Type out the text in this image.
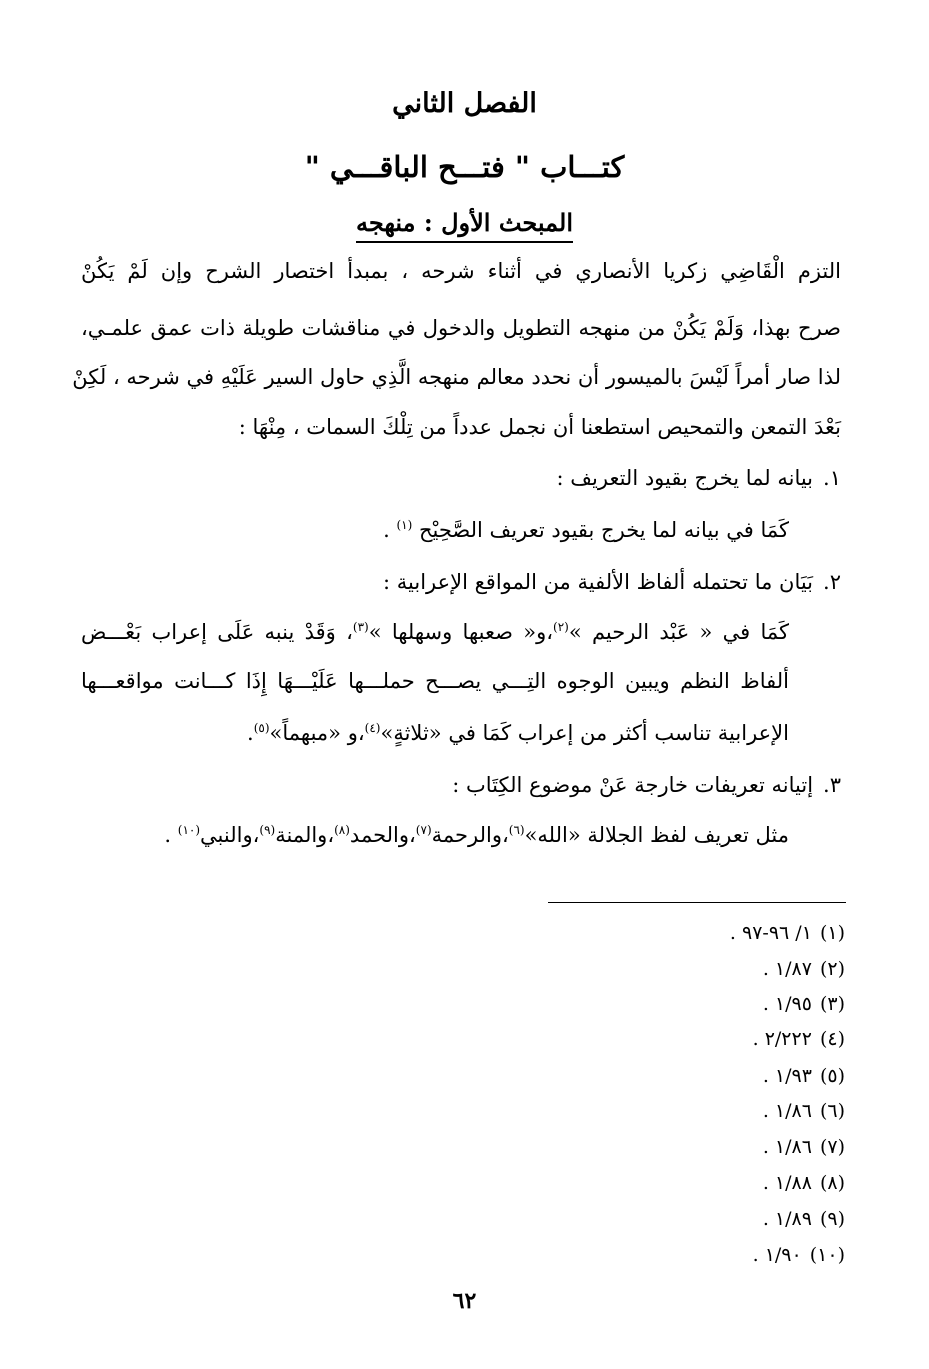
الفصل الثاني
كتـــاب " فتـــح الباقـــي "
المبحث الأول : منهجه
التزم الْقَاضِي زكريا الأنصاري في أثناء شرحه ، بمبدأ اختصار الشرح وإن لَمْ يَكُنْ
صرح بهذا، وَلَمْ يَكُنْ من منهجه التطويل والدخول في مناقشات طويلة ذات عمق علمـي،
لذا صار أمراً لَيْسَ بالميسور أن نحدد معالم منهجه الَّذِي حاول السير عَلَيْهِ في شرحه ، لَكِنْ
بَعْدَ التمعن والتمحيص استطعنا أن نجمل عدداً من تِلْكَ السمات ، مِنْهَا :
١.بيانه لما يخرج بقيود التعريف :
كَمَا في بيانه لما يخرج بقيود تعريف الصَّحِيْح $^{(١)}$ .
٢.بَيَان ما تحتمله ألفاظ الألفية من المواقع الإعرابية :
كَمَا في « عَبْد الرحيم »$^{(٢)}$،و« صعبها وسهلها »$^{(٣)}$، وَقَدْ ينبه عَلَى إعراب بَعْـــض
ألفاظ النظم ويبين الوجوه التِـــي يصـــح حملـــها عَلَيْـــهَا إِذَا كـــانت مواقعـــها
الإعرابية تناسب أكثر من إعراب كَمَا في «ثلاثةٍ»$^{(٤)}$،و «مبهماً»$^{(٥)}$.
٣.إتيانه تعريفات خارجة عَنْ موضوع الكِتَاب :
مثل تعريف لفظ الجلالة «الله»$^{(٦)}$،والرحمة$^{(٧)}$،والحمد$^{(٨)}$،والمنة$^{(٩)}$،والنبي$^{(١٠)}$ .
(١)١/ ٩٦-٩٧ .
(٢)١/٨٧ .
(٣)١/٩٥ .
(٤)٢/٢٢٢ .
(٥)١/٩٣ .
(٦)١/٨٦ .
(٧)١/٨٦ .
(٨)١/٨٨ .
(٩)١/٨٩ .
(١٠)١/٩٠ .
٦٢
